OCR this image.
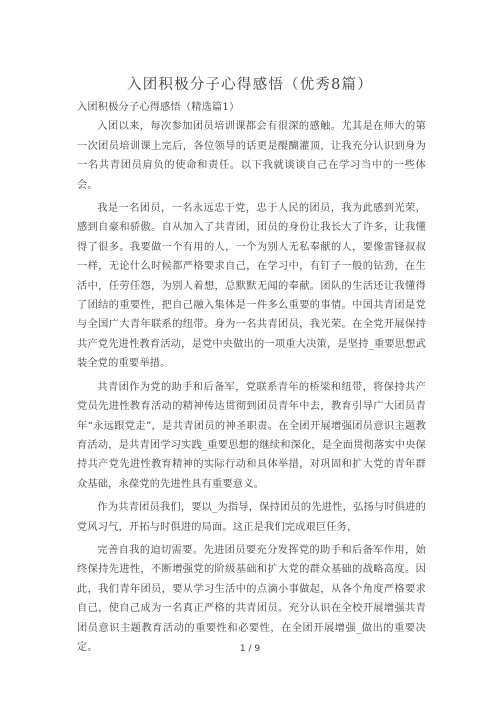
入团积极分子心得感悟（优秀8篇）

入团积极分子心得感悟（精选篇1）

入团以来，每次参加团员培训课都会有很深的感触。尤其是在师大的第一次团员培训课上完后，各位领导的话更是醍醐灌顶，让我充分认识到身为一名共青团员肩负的使命和责任。以下我就谈谈自己在学习当中的一些体会。

我是一名团员，一名永远忠于党，忠于人民的团员，我为此感到光荣，感到自豪和骄傲。自从加入了共青团，团员的身份让我长大了许多，让我懂得了很多。我要做一个有用的人，一个为别人无私奉献的人，要像雷锋叔叔一样，无论什么时候都严格要求自己，在学习中，有钉子一般的钻劲，在生活中，任劳任怨，为别人着想，总默默无闻的奉献。团队的生活还让我懂得了团结的重要性，把自己融入集体是一件多么重要的事情。中国共青团是党与全国广大青年联系的纽带。身为一名共青团员，我光荣。在全党开展保持共产党先进性教育活动，是党中央做出的一项重大决策，是坚持_重要思想武装全党的重要举措。

共青团作为党的助手和后备军，党联系青年的桥梁和纽带，将保持共产党员先进性教育活动的精神传达贯彻到团员青年中去，教育引导广大团员青年“永远跟党走”，是共青团员的神圣职责。在全团开展增强团员意识主题教育活动，是共青团学习实践_重要思想的继续和深化，是全面贯彻落实中央保持共产党先进性教育精神的实际行动和具体举措，对巩固和扩大党的青年群众基础，永葆党的先进性具有重要意义。

作为共青团员我们，要以_为指导，保持团员的先进性，弘扬与时俱进的党风习气，开拓与时俱进的局面。这正是我们完成艰巨任务，

完善自我的迫切需要。先进团员要充分发挥党的助手和后备军作用，始终保持先进性，不断增强党的阶级基础和扩大党的群众基础的战略高度。因此，我们青年团员，要从学习生活中的点滴小事做起，从各个角度严格要求自己，使自己成为一名真正严格的共青团员。充分认识在全校开展增强共青团员意识主题教育活动的重要性和必要性，在全团开展增强_做出的重要决定。	1 / 9
